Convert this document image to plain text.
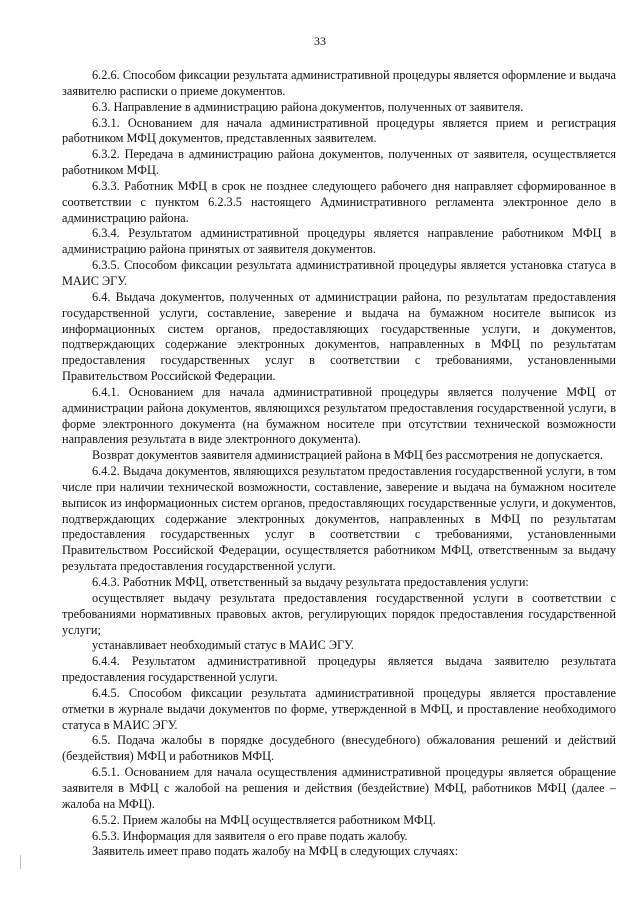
33

6.2.6. Способом фиксации результата административной процедуры является оформление и выдача заявителю расписки о приеме документов.

6.3. Направление в администрацию района документов, полученных от заявителя.

6.3.1. Основанием для начала административной процедуры является прием и регистрация работником МФЦ документов, представленных заявителем.

6.3.2. Передача в администрацию района документов, полученных от заявителя, осуществляется работником МФЦ.

6.3.3. Работник МФЦ в срок не позднее следующего рабочего дня направляет сформированное в соответствии с пунктом 6.2.3.5 настоящего Административного регламента электронное дело в администрацию района.

6.3.4. Результатом административной процедуры является направление работником МФЦ в администрацию района принятых от заявителя документов.

6.3.5. Способом фиксации результата административной процедуры является установка статуса в МАИС ЭГУ.

6.4. Выдача документов, полученных от администрации района, по результатам предоставления государственной услуги, составление, заверение и выдача на бумажном носителе выписок из информационных систем органов, предоставляющих государственные услуги, и документов, подтверждающих содержание электронных документов, направленных в МФЦ по результатам предоставления государственных услуг в соответствии с требованиями, установленными Правительством Российской Федерации.

6.4.1. Основанием для начала административной процедуры является получение МФЦ от администрации района документов, являющихся результатом предоставления государственной услуги, в форме электронного документа (на бумажном носителе при отсутствии технической возможности направления результата в виде электронного документа).

Возврат документов заявителя администрацией района в МФЦ без рассмотрения не допускается.

6.4.2. Выдача документов, являющихся результатом предоставления государственной услуги, в том числе при наличии технической возможности, составление, заверение и выдача на бумажном носителе выписок из информационных систем органов, предоставляющих государственные услуги, и документов, подтверждающих содержание электронных документов, направленных в МФЦ по результатам предоставления государственных услуг в соответствии с требованиями, установленными Правительством Российской Федерации, осуществляется работником МФЦ, ответственным за выдачу результата предоставления государственной услуги.

6.4.3. Работник МФЦ, ответственный за выдачу результата предоставления услуги:

осуществляет выдачу результата предоставления государственной услуги в соответствии с требованиями нормативных правовых актов, регулирующих порядок предоставления государственной услуги;

устанавливает необходимый статус в МАИС ЭГУ.

6.4.4. Результатом административной процедуры является выдача заявителю результата предоставления государственной услуги.

6.4.5. Способом фиксации результата административной процедуры является проставление отметки в журнале выдачи документов по форме, утвержденной в МФЦ, и проставление необходимого статуса в МАИС ЭГУ.

6.5. Подача жалобы в порядке досудебного (внесудебного) обжалования решений и действий (бездействия) МФЦ и работников МФЦ.

6.5.1. Основанием для начала осуществления административной процедуры является обращение заявителя в МФЦ с жалобой на решения и действия (бездействие) МФЦ, работников МФЦ (далее – жалоба на МФЦ).

6.5.2. Прием жалобы на МФЦ осуществляется работником МФЦ.

6.5.3. Информация для заявителя о его праве подать жалобу.

Заявитель имеет право подать жалобу на МФЦ в следующих случаях:
